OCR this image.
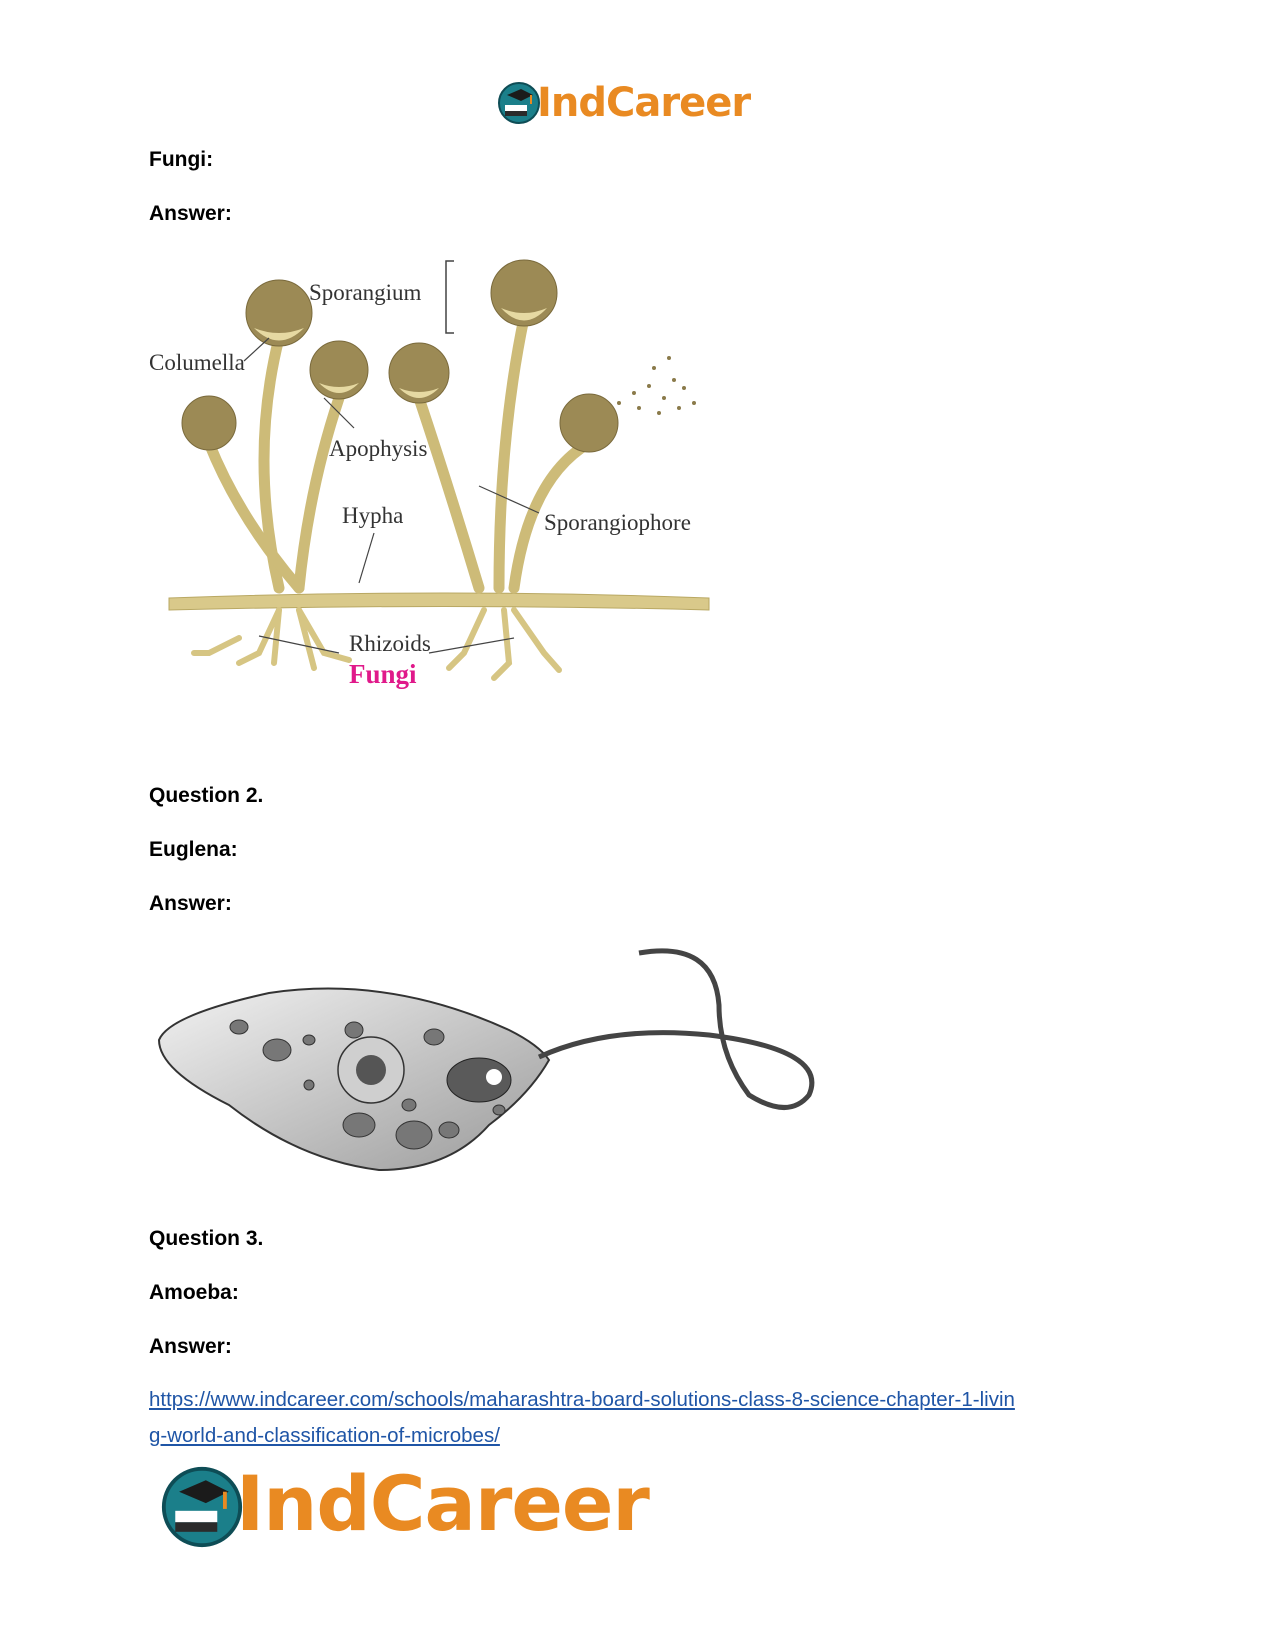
IndCareer
Fungi:
Answer:
Sporangium
Columella
Apophysis
Hypha	Sporangiophore
Rhizoids
Fungi
Question 2.
Euglena:
Answer:
Question 3.
Amoeba:
Answer:
https://www.indcareer.com/schools/maharashtra-board-solutions-class-8-science-chapter-1-livin
g-world-and-classification-of-microbes/
IndCareer
